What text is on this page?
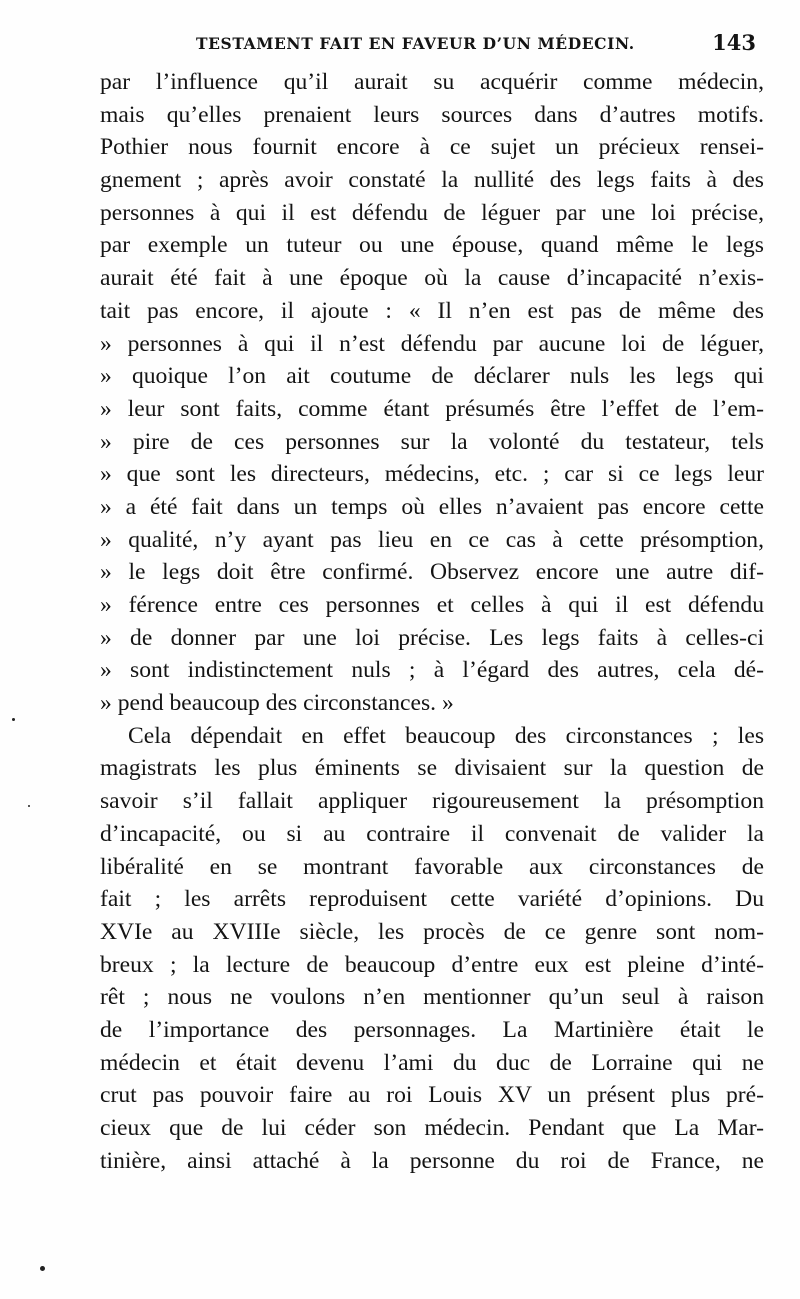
TESTAMENT FAIT EN FAVEUR D’UN MÉDECIN.	143
par l’influence qu’il aurait su acquérir comme médecin,
mais qu’elles prenaient leurs sources dans d’autres motifs.
Pothier nous fournit encore à ce sujet un précieux rensei-
gnement ; après avoir constaté la nullité des legs faits à des
personnes à qui il est défendu de léguer par une loi précise,
par exemple un tuteur ou une épouse, quand même le legs
aurait été fait à une époque où la cause d’incapacité n’exis-
tait pas encore, il ajoute : « Il n’en est pas de même des
» personnes à qui il n’est défendu par aucune loi de léguer,
» quoique l’on ait coutume de déclarer nuls les legs qui
» leur sont faits, comme étant présumés être l’effet de l’em-
» pire de ces personnes sur la volonté du testateur, tels
» que sont les directeurs, médecins, etc. ; car si ce legs leur
» a été fait dans un temps où elles n’avaient pas encore cette
» qualité, n’y ayant pas lieu en ce cas à cette présomption,
» le legs doit être confirmé. Observez encore une autre dif-
» férence entre ces personnes et celles à qui il est défendu
» de donner par une loi précise. Les legs faits à celles-ci
» sont indistinctement nuls ; à l’égard des autres, cela dé-
» pend beaucoup des circonstances. »
Cela dépendait en effet beaucoup des circonstances ; les
magistrats les plus éminents se divisaient sur la question de
savoir s’il fallait appliquer rigoureusement la présomption
d’incapacité, ou si au contraire il convenait de valider la
libéralité en se montrant favorable aux circonstances de
fait ; les arrêts reproduisent cette variété d’opinions. Du
XVIe au XVIIIe siècle, les procès de ce genre sont nom-
breux ; la lecture de beaucoup d’entre eux est pleine d’inté-
rêt ; nous ne voulons n’en mentionner qu’un seul à raison
de l’importance des personnages. La Martinière était le
médecin et était devenu l’ami du duc de Lorraine qui ne
crut pas pouvoir faire au roi Louis XV un présent plus pré-
cieux que de lui céder son médecin. Pendant que La Mar-
tinière, ainsi attaché à la personne du roi de France, ne
